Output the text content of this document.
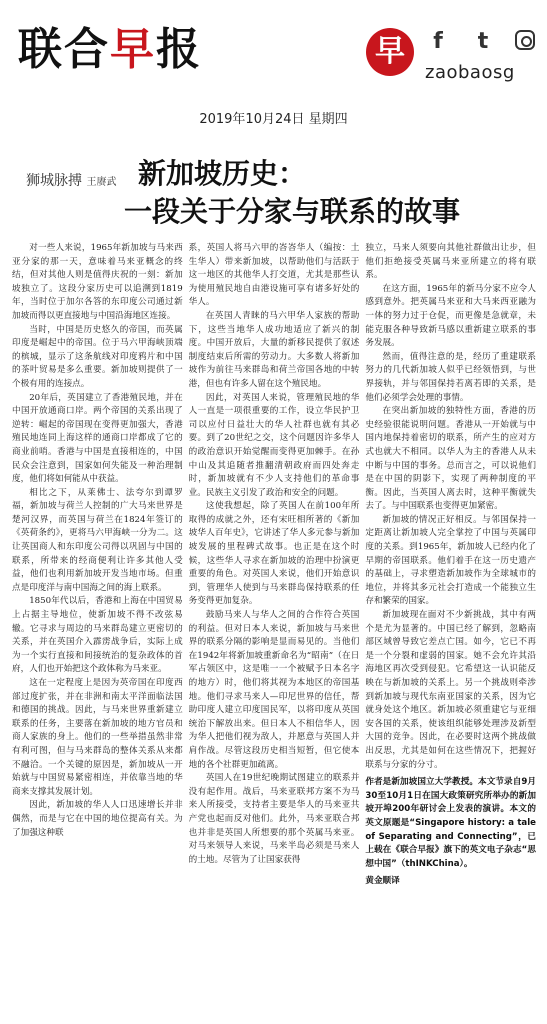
联合早报	早	f	t
zaobaosg
2019年10月24日 星期四
狮城脉搏 王赓武 新加坡历史：
一段关于分家与联系的故事

对一些人来说，1965年新加坡与马来西亚分家的那一天，意味着马来亚概念的终结，但对其他人则是值得庆祝的一刻：新加坡独立了。这段分家历史可以追溯到1819年，当时位于加尔各答的东印度公司通过新加坡而得以更直接地与中国沿海地区连接。

当时，中国是历史悠久的帝国，而英属印度是崛起中的帝国。位于马六甲海峡顶端的槟城，显示了这条航线对印度鸦片和中国的茶叶贸易是多么重要。新加坡则提供了一个极有用的连接点。

20年后，英国建立了香港殖民地，并在中国开放通商口岸。两个帝国的关系出现了逆转：崛起的帝国现在变得更加强大，香港殖民地连同上海这样的通商口岸都成了它的商业前哨。香港与中国是直接相连的，中国民众会注意到，国家如何失能及一种治理制度，他们将如何能从中获益。

相比之下，从莱佛士、法夸尔到谭罗福，新加坡与荷兰人控制的广大马来世界是楚河汉界，而英国与荷兰在1824年签订的《英荷条约》，更将马六甲海峡一分为二。这让英国商人和东印度公司得以巩固与中国的联系，所带来的经商便利让许多其他人受益，他们也利用新加坡开发当地市场。但重点是印度洋与南中国海之间的海上联系。

1850年代以后，香港和上海在中国贸易上占据主导地位，使新加坡不得不改弦易辙。它寻求与周边的马来群岛建立更密切的关系，并在英国介入霹雳战争后，实际上成为一个实行直接和间接统治的复杂政体的首府，人们也开始把这个政体称为马来亚。

这在一定程度上是因为英帝国在印度西部过度扩张，并在非洲和南太平洋面临法国和德国的挑战。因此，与马来世界重新建立联系的任务，主要落在新加坡的地方官员和商人家族的身上。他们的一些举措虽然非常有利可图，但与马来群岛的整体关系从来都不融洽。一个关键的原因是，新加坡从一开始就与中国贸易紧密相连，并依靠当地的华商来支撑其发展计划。

因此，新加坡的华人人口迅速增长并非偶然，而是与它在中国的地位提高有关。为了加强这种联

系，英国人将马六甲的峇峇华人（编按：土生华人）带来新加坡，以帮助他们与活跃于这一地区的其他华人打交道，尤其是那些认为使用殖民地自由港设施可享有诸多好处的华人。

在英国人青睐的马六甲华人家族的帮助下，这些当地华人成功地适应了新兴的制度。中国开放后，大量的新移民提供了叙述制度结束后所需的劳动力。大多数人将新加坡作为前往马来群岛和荷兰帝国各地的中转港，但也有许多人留在这个殖民地。

因此，对英国人来说，管理殖民地的华人一直是一项很重要的工作，设立华民护卫司以应付日益壮大的华人社群也就有其必要。到了20世纪之交，这个问题因许多华人的政治意识开始觉醒而变得更加棘手。在孙中山及其追随者推翻清朝政府而四处奔走时，新加坡就有不少人支持他们的革命事业。民族主义引发了政治和安全的问题。

这使我想起，除了英国人在前100年所取得的成就之外，还有宋旺相所著的《新加坡华人百年史》，它讲述了华人多元参与新加坡发展的里程碑式故事。也正是在这个时候，这些华人寻求在新加坡的治理中扮演更重要的角色。对英国人来说，他们开始意识到，管理华人使到与马来群岛保持联系的任务变得更加复杂。

鼓励马来人与华人之间的合作符合英国的利益。但对日本人来说，新加坡与马来世界的联系分隔的影响是显而易见的。当他们在1942年将新加坡重新命名为“昭南”（在日军占领区中，这是唯一一个被赋予日本名字的地方）时，他们将其视为本地区的帝国基地。他们寻求马来人—印尼世界的信任，帮助印度人建立印度国民军，以将印度从英国统治下解放出来。但日本人不相信华人，因为华人把他们视为敌人，并愿意与英国人并肩作战。尽管这段历史相当短暂，但它使本地的各个社群更加疏离。

英国人在19世纪晚期试图建立的联系并没有起作用。战后，马来亚联邦方案不为马来人所接受，支持者主要是华人的马来亚共产党也起而反对他们。此外，马来亚联合邦也并非是英国人所想要的那个英属马来亚。对马来领导人来说，马来半岛必须是马来人的土地。尽管为了让国家获得

独立，马来人须要向其他社群做出让步，但他们拒绝接受英属马来亚所建立的将有联系。

在这方面，1965年的新马分家不应令人感到意外。把英属马来亚和大马来西亚融为一体的努力过于仓促，而更像是急就章，未能克服各种导致新马感以重新建立联系的事务发展。

然而，值得注意的是，经历了重建联系努力的几代新加坡人似乎已经领悟到，与世界接轨，并与邻国保持若离若即的关系，是他们必须学会处理的事情。

在突出新加坡的独特性方面，香港的历史经验很能说明问题。香港从一开始就与中国内地保持着密切的联系，所产生的应对方式也就大不相同。以华人为主的香港人从未中断与中国的事务。总而言之，可以说他们是在中国的阴影下，实现了两种制度的平衡。因此，当英国人离去时，这种平衡就失去了。与中国联系也变得更加紧密。

新加坡的情况正好相反。与邻国保持一定距离让新加坡人完全掌控了中国与英属印度的关系。到1965年，新加坡人已经内化了早期的帝国联系。他们着手在这一历史遗产的基础上，寻求塑造新加坡作为全球城市的地位，并将其多元社会打造成一个能独立生存和繁荣的国家。

新加坡现在面对不少新挑战，其中有两个是尤为显著的。中国已经了解到，忽略南部区域曾导致它差点亡国。如今，它已不再是一个分裂和虚弱的国家。她不会允许其沿海地区再次受到侵犯。它希望这一认识能反映在与新加坡的关系上。另一个挑战则牵涉到新加坡与现代东南亚国家的关系，因为它就身处这个地区。新加坡必须重建它与亚细安各国的关系，使该组织能够处理涉及新型大国的竞争。因此，在必要时这两个挑战做出反思，尤其是如何在这些情况下，把握好联系与分家的分寸。

作者是新加坡国立大学教授。本文节录自9月30至10月1日在国大政策研究所举办的新加坡开埠200年研讨会上发表的演讲。本文的英文原题是“Singapore history: a tale of Separating and Connecting”，已上载在《联合早报》旗下的英文电子杂志“思想中国”（thINKChina）。

黄金顺译
